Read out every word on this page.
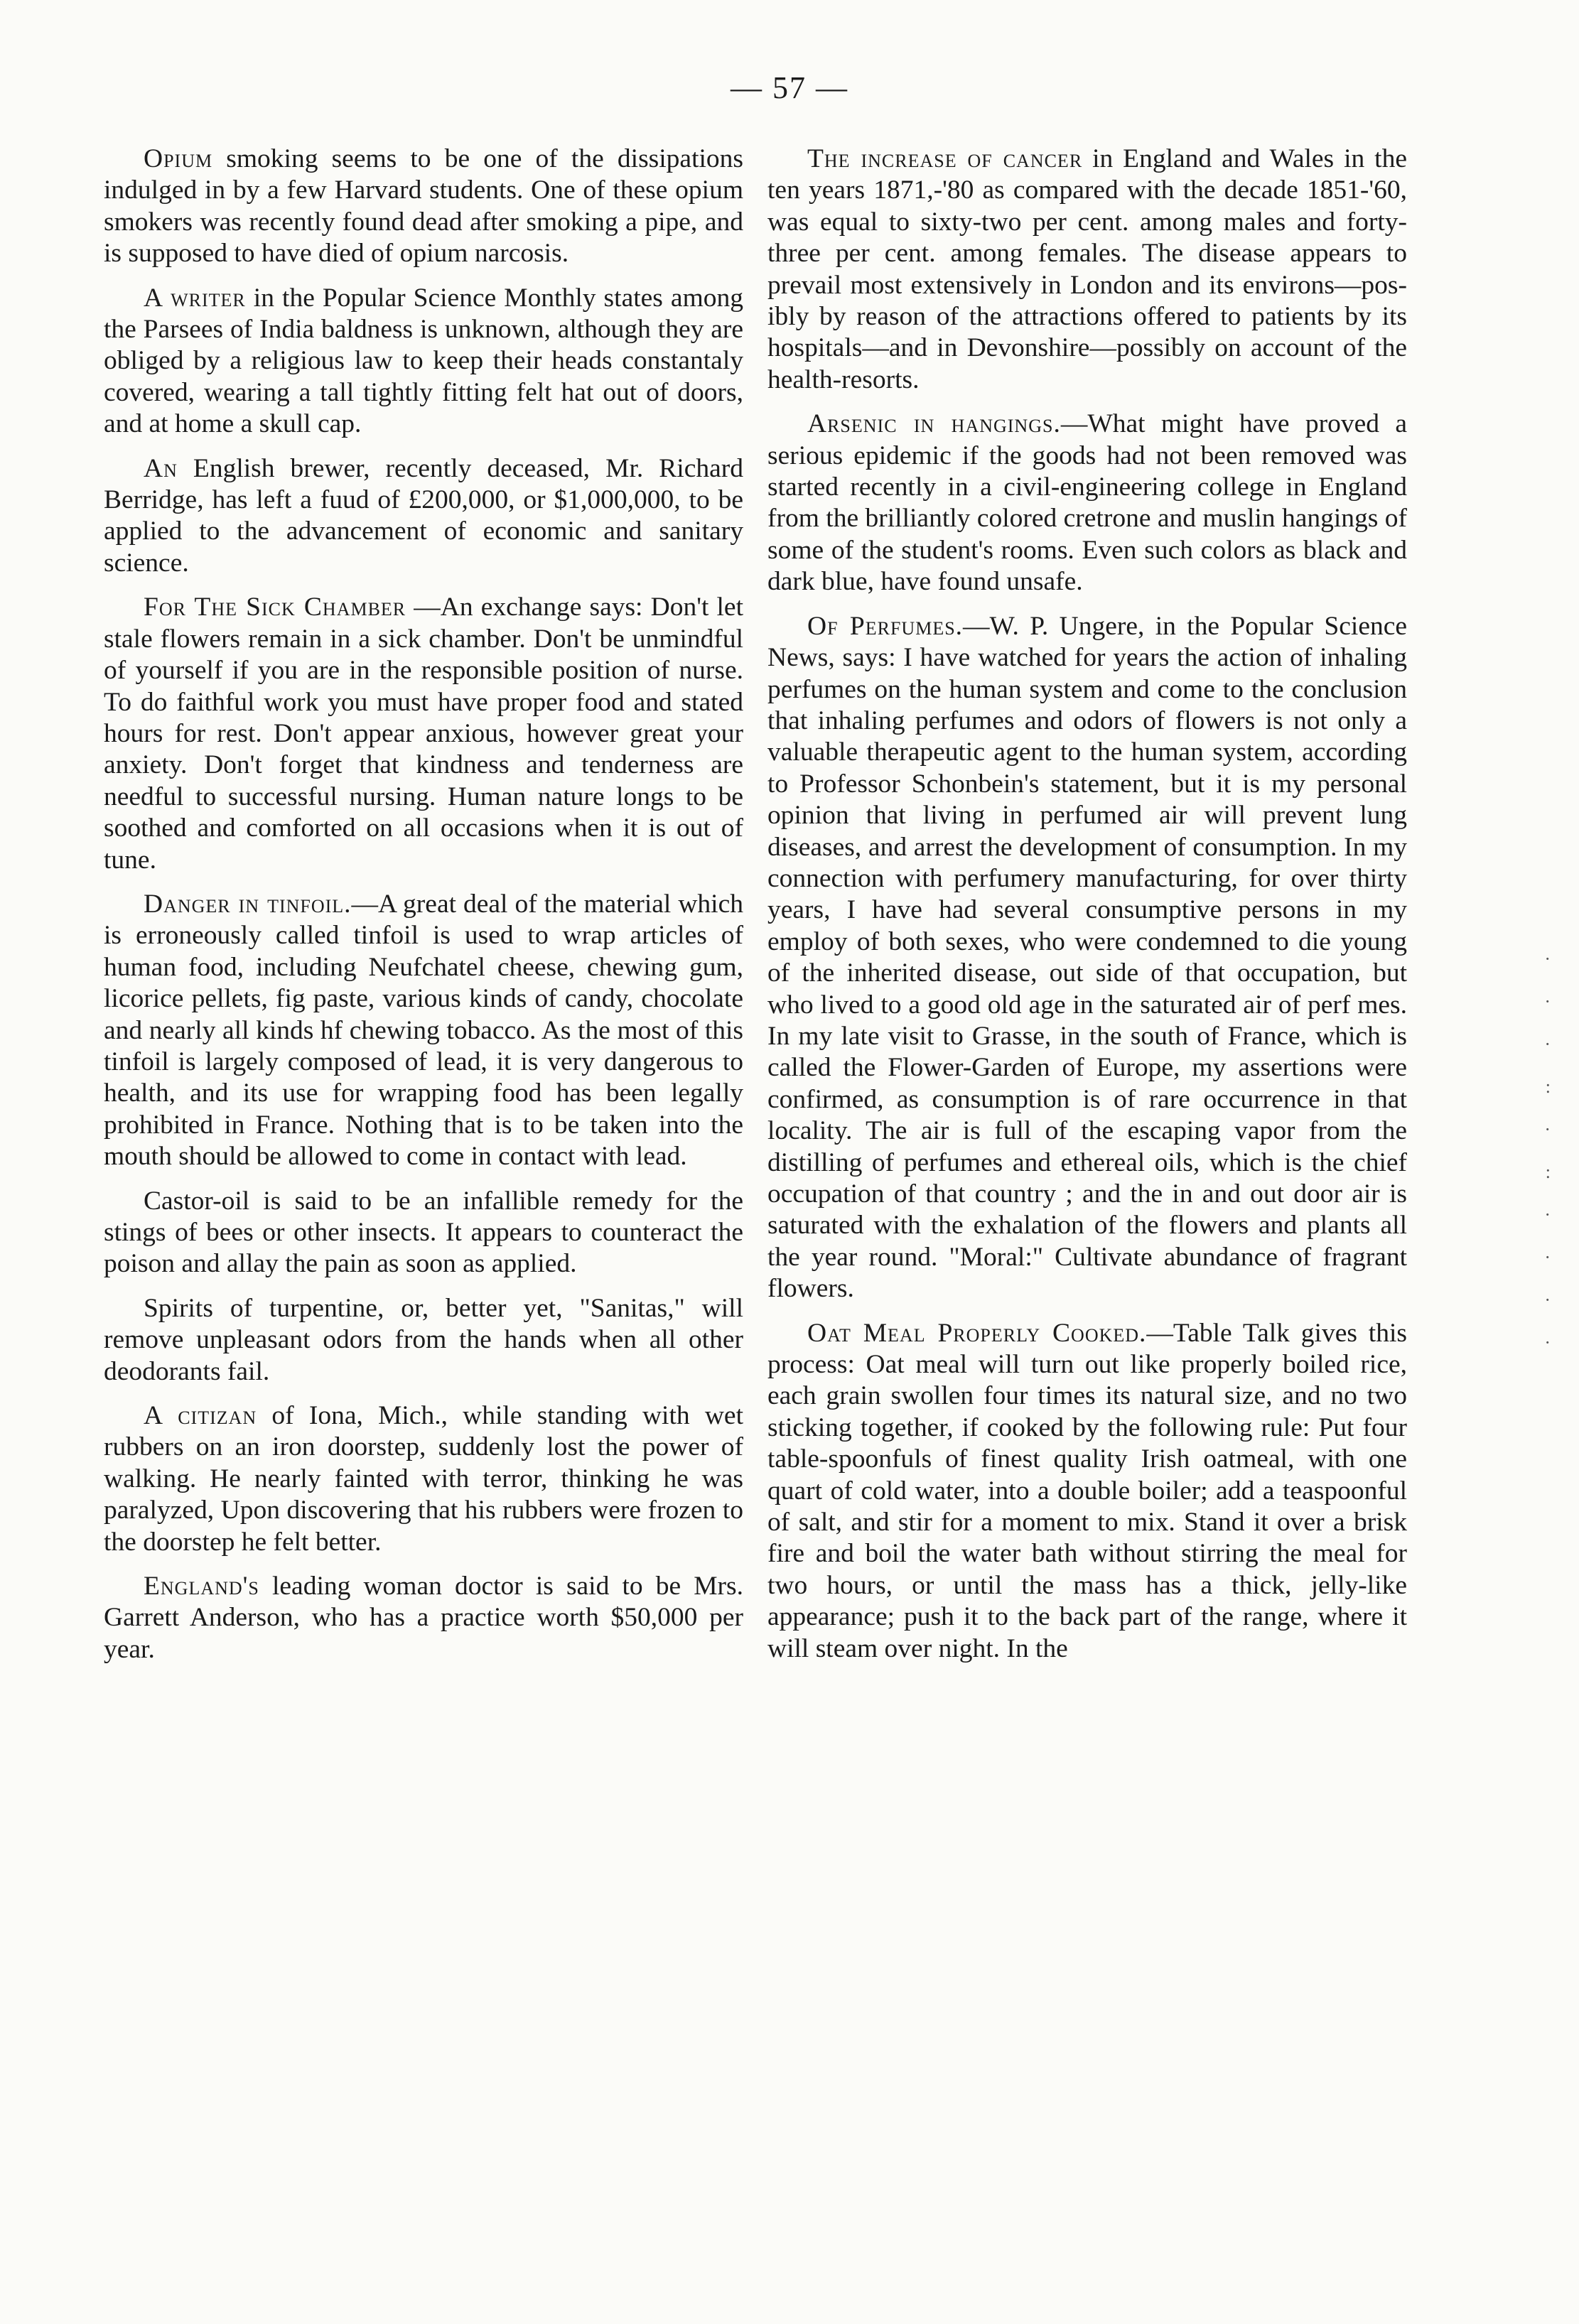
— 57 —

Opium smoking seems to be one of the dissipations indulged in by a few Harvard students. One of these opium smokers was recently found dead after smoking a pipe, and is supposed to have died of opium narcosis.

A writer in the Popular Science Monthly states among the Parsees of India baldness is unknown, although they are obliged by a religious law to keep their heads constantaly covered, wearing a tall tightly fitting felt hat out of doors, and at home a skull cap.

An English brewer, recently deceased, Mr. Richard Berridge, has left a fuud of £200,000, or $1,000,000, to be applied to the advancement of economic and sanitary science.

For The Sick Chamber —An exchange says: Don't let stale flowers remain in a sick chamber. Don't be unmindful of yourself if you are in the responsible position of nurse. To do faithful work you must have proper food and stated hours for rest. Don't appear anxious, however great your anxiety. Don't forget that kindness and tenderness are needful to successful nursing. Human nature longs to be soothed and comforted on all occasions when it is out of tune.

Danger in tinfoil.—A great deal of the material which is erroneously called tinfoil is used to wrap articles of human food, including Neufchatel cheese, chewing gum, licorice pellets, fig paste, various kinds of candy, chocolate and nearly all kinds hf chewing tobacco. As the most of this tinfoil is largely composed of lead, it is very dangerous to health, and its use for wrapping food has been legally prohibited in France. Nothing that is to be taken into the mouth should be allowed to come in contact with lead.

Castor-oil is said to be an infallible remedy for the stings of bees or other insects. It appears to counteract the poison and allay the pain as soon as applied.

Spirits of turpentine, or, better yet, "Sanitas," will remove unpleasant odors from the hands when all other deodorants fail.

A citizan of Iona, Mich., while standing with wet rubbers on an iron doorstep, suddenly lost the power of walking. He nearly fainted with terror, thinking he was paralyzed, Upon discovering that his rubbers were frozen to the doorstep he felt better.

England's leading woman doctor is said to be Mrs. Garrett Anderson, who has a practice worth $50,000 per year.

The increase of cancer in England and Wales in the ten years 1871,-'80 as compared with the decade 1851-'60, was equal to sixty-two per cent. among males and forty-three per cent. among females. The disease appears to prevail most extensively in London and its environs—pos-ibly by reason of the attractions offered to patients by its hospitals—and in Devonshire—possibly on account of the health-resorts.

Arsenic in hangings.—What might have proved a serious epidemic if the goods had not been removed was started recently in a civil-engineering college in England from the brilliantly colored cretrone and muslin hangings of some of the student's rooms. Even such colors as black and dark blue, have found unsafe.

Of Perfumes.—W. P. Ungere, in the Popular Science News, says: I have watched for years the action of inhaling perfumes on the human system and come to the conclusion that inhaling perfumes and odors of flowers is not only a valuable therapeutic agent to the human system, according to Professor Schonbein's statement, but it is my personal opinion that living in perfumed air will prevent lung diseases, and arrest the development of consumption. In my connection with perfumery manufacturing, for over thirty years, I have had several consumptive persons in my employ of both sexes, who were condemned to die young of the inherited disease, out side of that occupation, but who lived to a good old age in the saturated air of perf mes. In my late visit to Grasse, in the south of France, which is called the Flower-Garden of Europe, my assertions were confirmed, as consumption is of rare occurrence in that locality. The air is full of the escaping vapor from the distilling of perfumes and ethereal oils, which is the chief occupation of that country ; and the in and out door air is saturated with the exhalation of the flowers and plants all the year round. "Moral:" Cultivate abundance of fragrant flowers.

Oat Meal Properly Cooked.—Table Talk gives this process: Oat meal will turn out like properly boiled rice, each grain swollen four times its natural size, and no two sticking together, if cooked by the following rule: Put four table-spoonfuls of finest quality Irish oatmeal, with one quart of cold water, into a double boiler; add a teaspoonful of salt, and stir for a moment to mix. Stand it over a brisk fire and boil the water bath without stirring the meal for two hours, or until the mass has a thick, jelly-like appearance; push it to the back part of the range, where it will steam over night. In the

·
·
·
:
·
:
·
·
·
·
